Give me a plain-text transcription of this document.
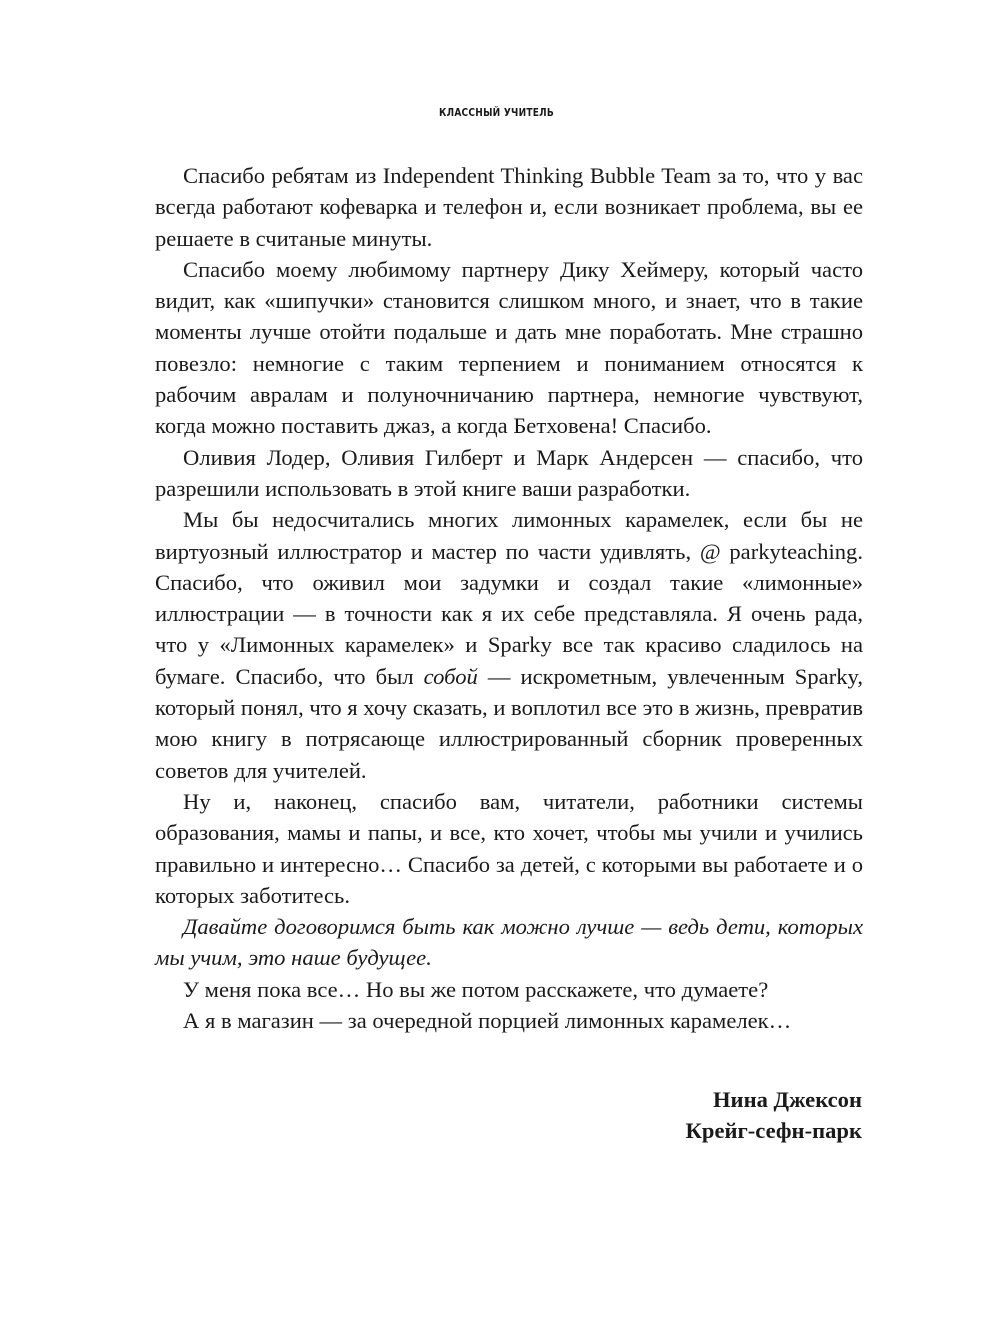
КЛАССНЫЙ УЧИТЕЛЬ

Спасибо ребятам из Independent Thinking Bubble Team за то, что у вас всегда работают кофеварка и телефон и, если возникает проблема, вы ее решаете в считаные минуты.

Спасибо моему любимому партнеру Дику Хеймеру, который часто видит, как «шипучки» становится слишком много, и знает, что в такие моменты лучше отойти подальше и дать мне поработать. Мне страшно повезло: немногие с таким терпением и пониманием относятся к рабочим авралам и полуночничанию партнера, немногие чувствуют, когда можно поставить джаз, а когда Бетховена! Спасибо.

Оливия Лодер, Оливия Гилберт и Марк Андерсен — спасибо, что разрешили использовать в этой книге ваши разработки.

Мы бы недосчитались многих лимонных карамелек, если бы не виртуозный иллюстратор и мастер по части удивлять, @ parkyteaching. Спасибо, что оживил мои задумки и создал такие «лимонные» иллюстрации — в точности как я их себе представляла. Я очень рада, что у «Лимонных карамелек» и Sparky все так красиво сладилось на бумаге. Спасибо, что был собой — искрометным, увлеченным Sparky, который понял, что я хочу сказать, и воплотил все это в жизнь, превратив мою книгу в потрясающе иллюстрированный сборник проверенных советов для учителей.

Ну и, наконец, спасибо вам, читатели, работники системы образования, мамы и папы, и все, кто хочет, чтобы мы учили и учились правильно и интересно… Спасибо за детей, с которыми вы работаете и о которых заботитесь.

Давайте договоримся быть как можно лучше — ведь дети, которых мы учим, это наше будущее.

У меня пока все… Но вы же потом расскажете, что думаете?

А я в магазин — за очередной порцией лимонных карамелек…

Нина Джексон
Крейг-сефн-парк
